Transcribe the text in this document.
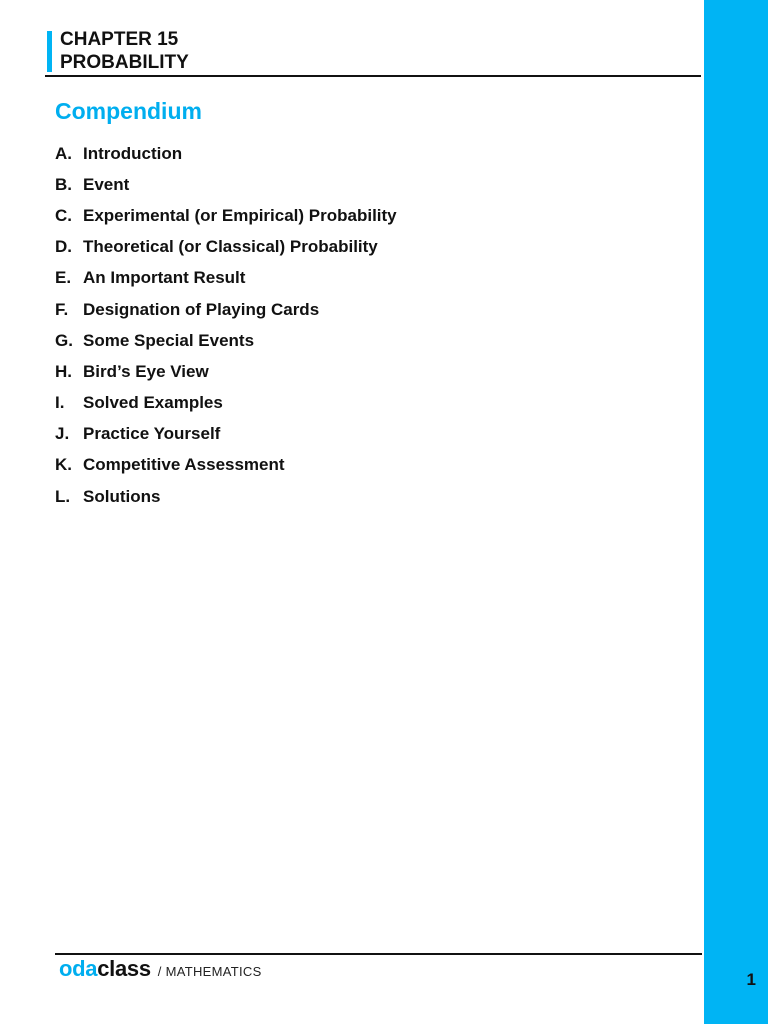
CHAPTER 15
PROBABILITY
Compendium
A. Introduction
B. Event
C. Experimental (or Empirical) Probability
D. Theoretical (or Classical) Probability
E. An Important Result
F. Designation of Playing Cards
G. Some Special Events
H. Bird’s Eye View
I.	Solved Examples
J. Practice Yourself
K. Competitive Assessment
L. Solutions
oda class / MATHEMATICS	1
